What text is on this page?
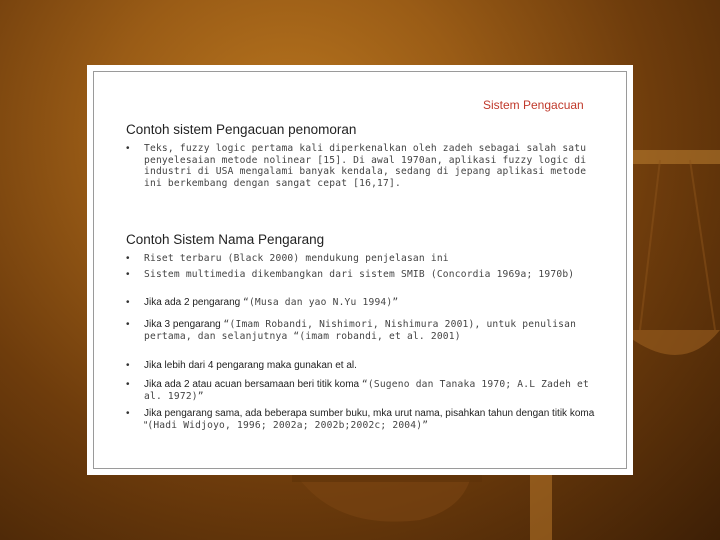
Sistem Pengacuan
Contoh sistem Pengacuan penomoran
• Teks, fuzzy logic pertama kali diperkenalkan oleh zadeh sebagai salah satu penyelesaian metode nolinear [15]. Di awal 1970an, aplikasi fuzzy logic di industri di USA mengalami banyak kendala, sedang di jepang aplikasi metode ini berkembang dengan sangat cepat [16,17].
Contoh Sistem Nama Pengarang
• Riset terbaru (Black 2000) mendukung penjelasan ini
• Sistem multimedia dikembangkan dari sistem SMIB (Concordia 1969a; 1970b)
• Jika ada 2 pengarang “(Musa dan yao N.Yu 1994)”
• Jika 3 pengarang “(Imam Robandi, Nishimori, Nishimura 2001), untuk penulisan pertama, dan selanjutnya “(imam robandi, et al. 2001)
• Jika lebih dari 4 pengarang maka gunakan et al.
• Jika ada 2 atau acuan bersamaan beri titik koma “(Sugeno dan Tanaka 1970; A.L Zadeh et al. 1972)”
• Jika pengarang sama, ada beberapa sumber buku, mka urut nama, pisahkan tahun dengan titik koma “(Hadi Widjoyo, 1996; 2002a; 2002b;2002c; 2004)”
